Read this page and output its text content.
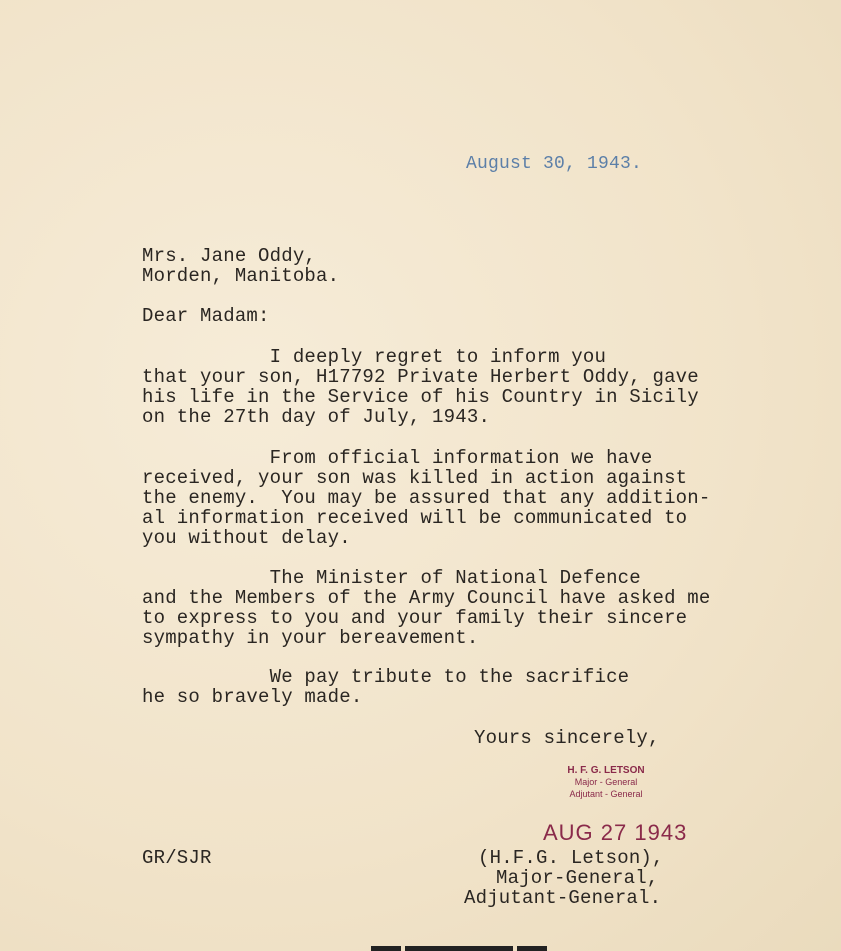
August 30, 1943.
Mrs. Jane Oddy,
Morden, Manitoba.
Dear Madam:
I deeply regret to inform you
that your son, H17792 Private Herbert Oddy, gave
his life in the Service of his Country in Sicily
on the 27th day of July, 1943.
From official information we have
received, your son was killed in action against
the enemy.  You may be assured that any addition-
al information received will be communicated to
you without delay.
The Minister of National Defence
and the Members of the Army Council have asked me
to express to you and your family their sincere
sympathy in your bereavement.
We pay tribute to the sacrifice
he so bravely made.
Yours sincerely,
H. F. G. LETSON
Major - General
Adjutant - General
AUG 27 1943
GR/SJR	(H.F.G. Letson),
Major-General,
Adjutant-General.
